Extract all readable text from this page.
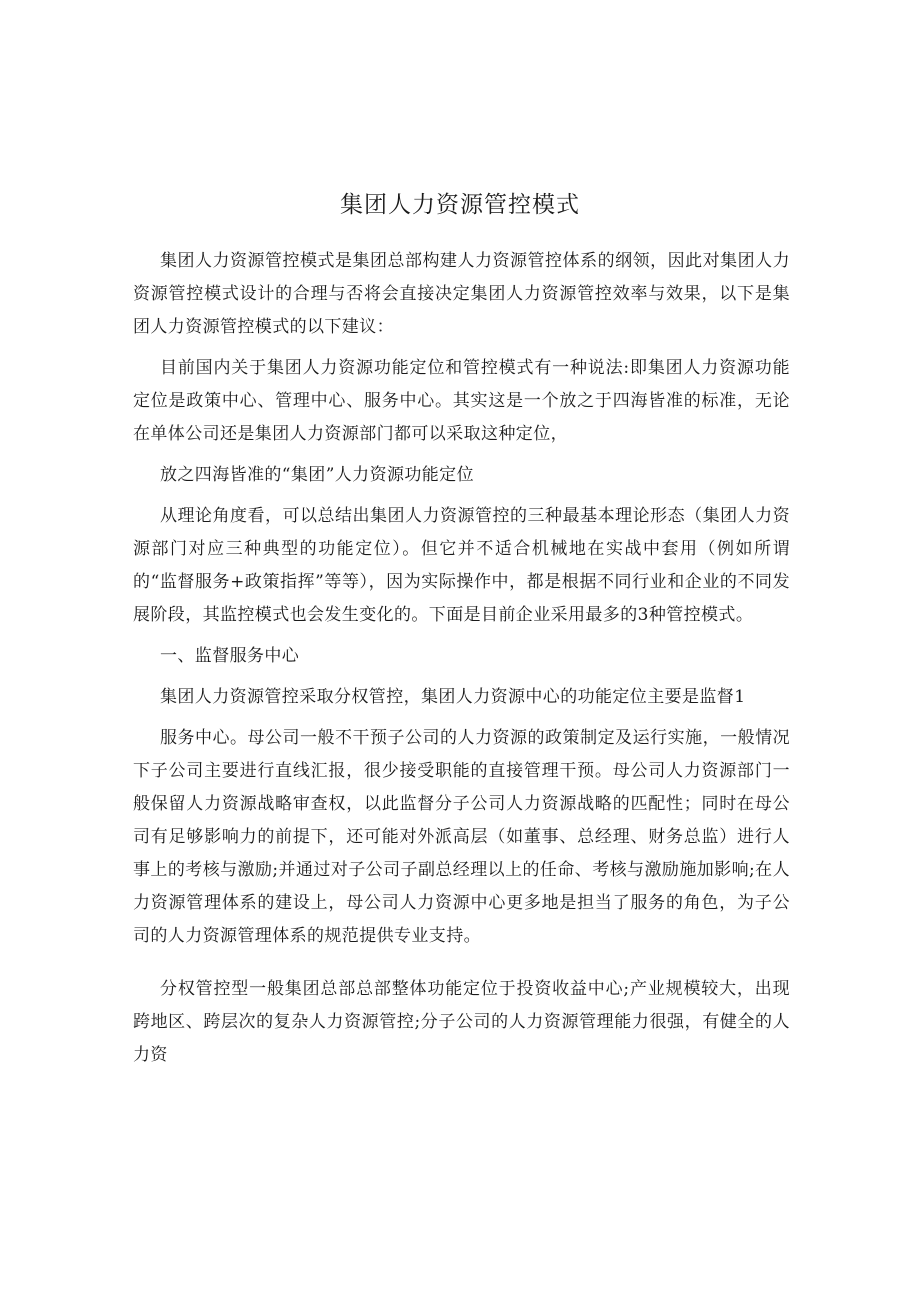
集团人力资源管控模式

集团人力资源管控模式是集团总部构建人力资源管控体系的纲领，因此对集团人力资源管控模式设计的合理与否将会直接决定集团人力资源管控效率与效果，以下是集团人力资源管控模式的以下建议：

目前国内关于集团人力资源功能定位和管控模式有一种说法:即集团人力资源功能定位是政策中心、管理中心、服务中心。其实这是一个放之于四海皆准的标准，无论在单体公司还是集团人力资源部门都可以采取这种定位，

放之四海皆准的“集团”人力资源功能定位

从理论角度看，可以总结出集团人力资源管控的三种最基本理论形态（集团人力资源部门对应三种典型的功能定位）。但它并不适合机械地在实战中套用（例如所谓的“监督服务+政策指挥”等等），因为实际操作中，都是根据不同行业和企业的不同发展阶段，其监控模式也会发生变化的。下面是目前企业采用最多的3种管控模式。

一、监督服务中心

集团人力资源管控采取分权管控，集团人力资源中心的功能定位主要是监督1

服务中心。母公司一般不干预子公司的人力资源的政策制定及运行实施，一般情况下子公司主要进行直线汇报，很少接受职能的直接管理干预。母公司人力资源部门一般保留人力资源战略审查权，以此监督分子公司人力资源战略的匹配性；同时在母公司有足够影响力的前提下，还可能对外派高层（如董事、总经理、财务总监）进行人事上的考核与激励;并通过对子公司子副总经理以上的任命、考核与激励施加影响;在人力资源管理体系的建设上，母公司人力资源中心更多地是担当了服务的角色，为子公司的人力资源管理体系的规范提供专业支持。

分权管控型一般集团总部总部整体功能定位于投资收益中心;产业规模较大，出现跨地区、跨层次的复杂人力资源管控;分子公司的人力资源管理能力很强，有健全的人力资
